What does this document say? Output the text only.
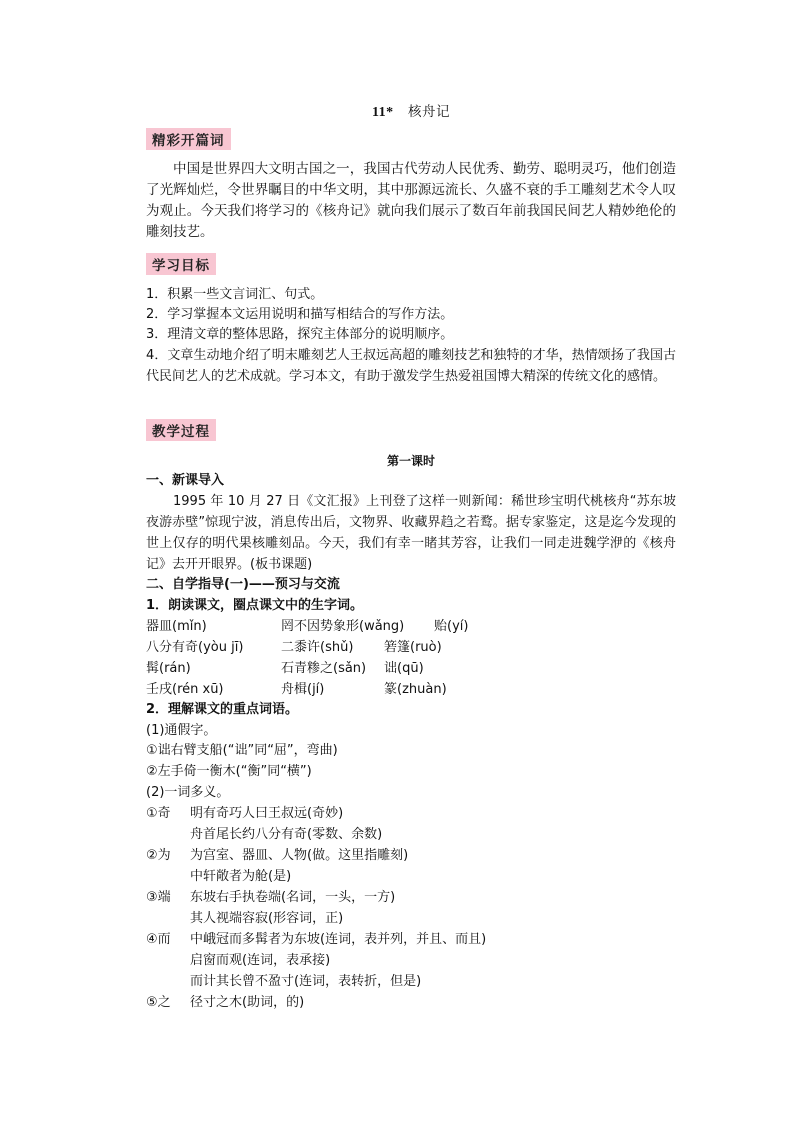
11* 核舟记
精彩开篇词

中国是世界四大文明古国之一，我国古代劳动人民优秀、勤劳、聪明灵巧，他们创造了光辉灿烂，令世界瞩目的中华文明，其中那源远流长、久盛不衰的手工雕刻艺术令人叹为观止。今天我们将学习的《核舟记》就向我们展示了数百年前我国民间艺人精妙绝伦的雕刻技艺。

学习目标
1．积累一些文言词汇、句式。
2．学习掌握本文运用说明和描写相结合的写作方法。
3．理清文章的整体思路，探究主体部分的说明顺序。

4．文章生动地介绍了明末雕刻艺人王叔远高超的雕刻技艺和独特的才华，热情颂扬了我国古代民间艺人的艺术成就。学习本文，有助于激发学生热爱祖国博大精深的传统文化的感情。

教学过程
第一课时
一、新课导入

1995 年 10 月 27 日《文汇报》上刊登了这样一则新闻：稀世珍宝明代桃核舟“苏东坡夜游赤壁”惊现宁波，消息传出后，文物界、收藏界趋之若鹜。据专家鉴定，这是迄今发现的世上仅存的明代果核雕刻品。今天，我们有幸一睹其芳容，让我们一同走进魏学洢的《核舟记》去开开眼界。(板书课题)

二、自学指导(一)——预习与交流
1．朗读课文，圈点课文中的生字词。
器皿(mǐn)	罔不因势象形(wǎng) 贻(yí)
八分有奇(yòu jī)	二黍许(shǔ) 箬篷(ruò)
髯(rán)	石青糁之(sǎn) 诎(qū)
壬戌(rén xū)	舟楫(jí)	篆(zhuàn)
2．理解课文的重点词语。
(1)通假字。
①诎右臂支船(“诎”同“屈”，弯曲)
②左手倚一衡木(“衡”同“横”)
(2)一词多义。
①奇 明有奇巧人曰王叔远(奇妙)
舟首尾长约八分有奇(零数、余数)
②为 为宫室、器皿、人物(做。这里指雕刻)
中轩敞者为舱(是)
③端 东坡右手执卷端(名词，一头，一方)
其人视端容寂(形容词，正)
④而 中峨冠而多髯者为东坡(连词，表并列，并且、而且)
启窗而观(连词，表承接)
而计其长曾不盈寸(连词，表转折，但是)
⑤之 径寸之木(助词，的)
